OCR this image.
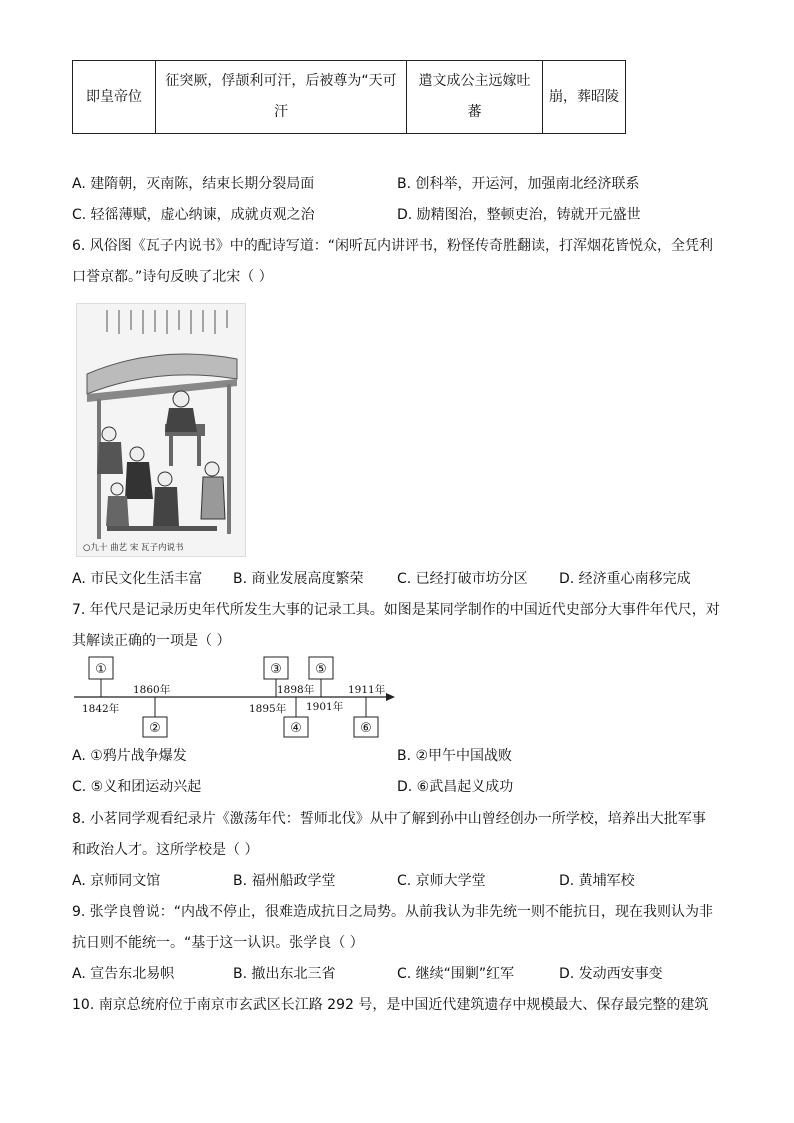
即皇帝位	征突厥，俘颉利可汗，后被尊为“天可汗	遣文成公主远嫁吐蕃	崩，葬昭陵
A. 建隋朝，灭南陈，结束长期分裂局面	B. 创科举，开运河，加强南北经济联系
C. 轻徭薄赋，虚心纳谏，成就贞观之治	D. 励精图治，整顿吏治，铸就开元盛世
6. 风俗图《瓦子内说书》中的配诗写道：“闲听瓦内讲评书，粉怪传奇胜翻读，打浑烟花皆悦众，全凭利
口誉京都。”诗句反映了北宋（ ）
○九十 曲艺 宋 瓦子内说书
A. 市民文化生活丰富 B. 商业发展高度繁荣 C. 已经打破市坊分区 D. 经济重心南移完成
7. 年代尺是记录历史年代所发生大事的记录工具。如图是某同学制作的中国近代史部分大事件年代尺，对
其解读正确的一项是（ ）
①
②
③
④
⑤
⑥
1842年
1860年
1895年
1898年
1901年
1911年
A. ①鸦片战争爆发	B. ②甲午中国战败
C. ⑤义和团运动兴起	D. ⑥武昌起义成功
8. 小茗同学观看纪录片《激荡年代：誓师北伐》从中了解到孙中山曾经创办一所学校，培养出大批军事
和政治人才。这所学校是（ ）
A. 京师同文馆	B. 福州船政学堂	C. 京师大学堂	D. 黄埔军校
9. 张学良曾说：“内战不停止，很难造成抗日之局势。从前我认为非先统一则不能抗日，现在我则认为非
抗日则不能统一。“基于这一认识。张学良（ ）
A. 宣告东北易帜	B. 撤出东北三省	C. 继续“围剿”红军	D. 发动西安事变
10. 南京总统府位于南京市玄武区长江路 292 号，是中国近代建筑遗存中规模最大、保存最完整的建筑
